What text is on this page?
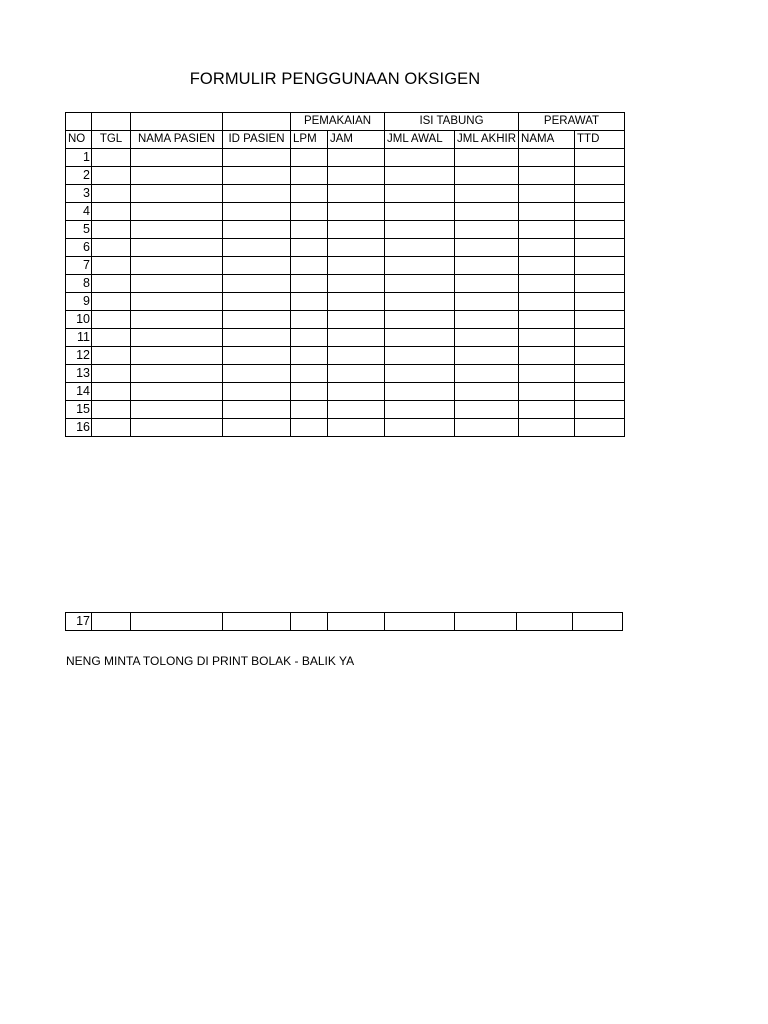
FORMULIR PENGGUNAAN OKSIGEN
				PEMAKAIAN		ISI TABUNG		PERAWAT	
NO	TGL	NAMA PASIEN	ID PASIEN	LPM	JAM	JML AWAL	JML AKHIR	NAMA	TTD
1									
2									
3									
4									
5									
6									
7									
8									
9									
10									
11									
12									
13									
14									
15									
16									
17									
NENG MINTA TOLONG DI PRINT BOLAK - BALIK YA
